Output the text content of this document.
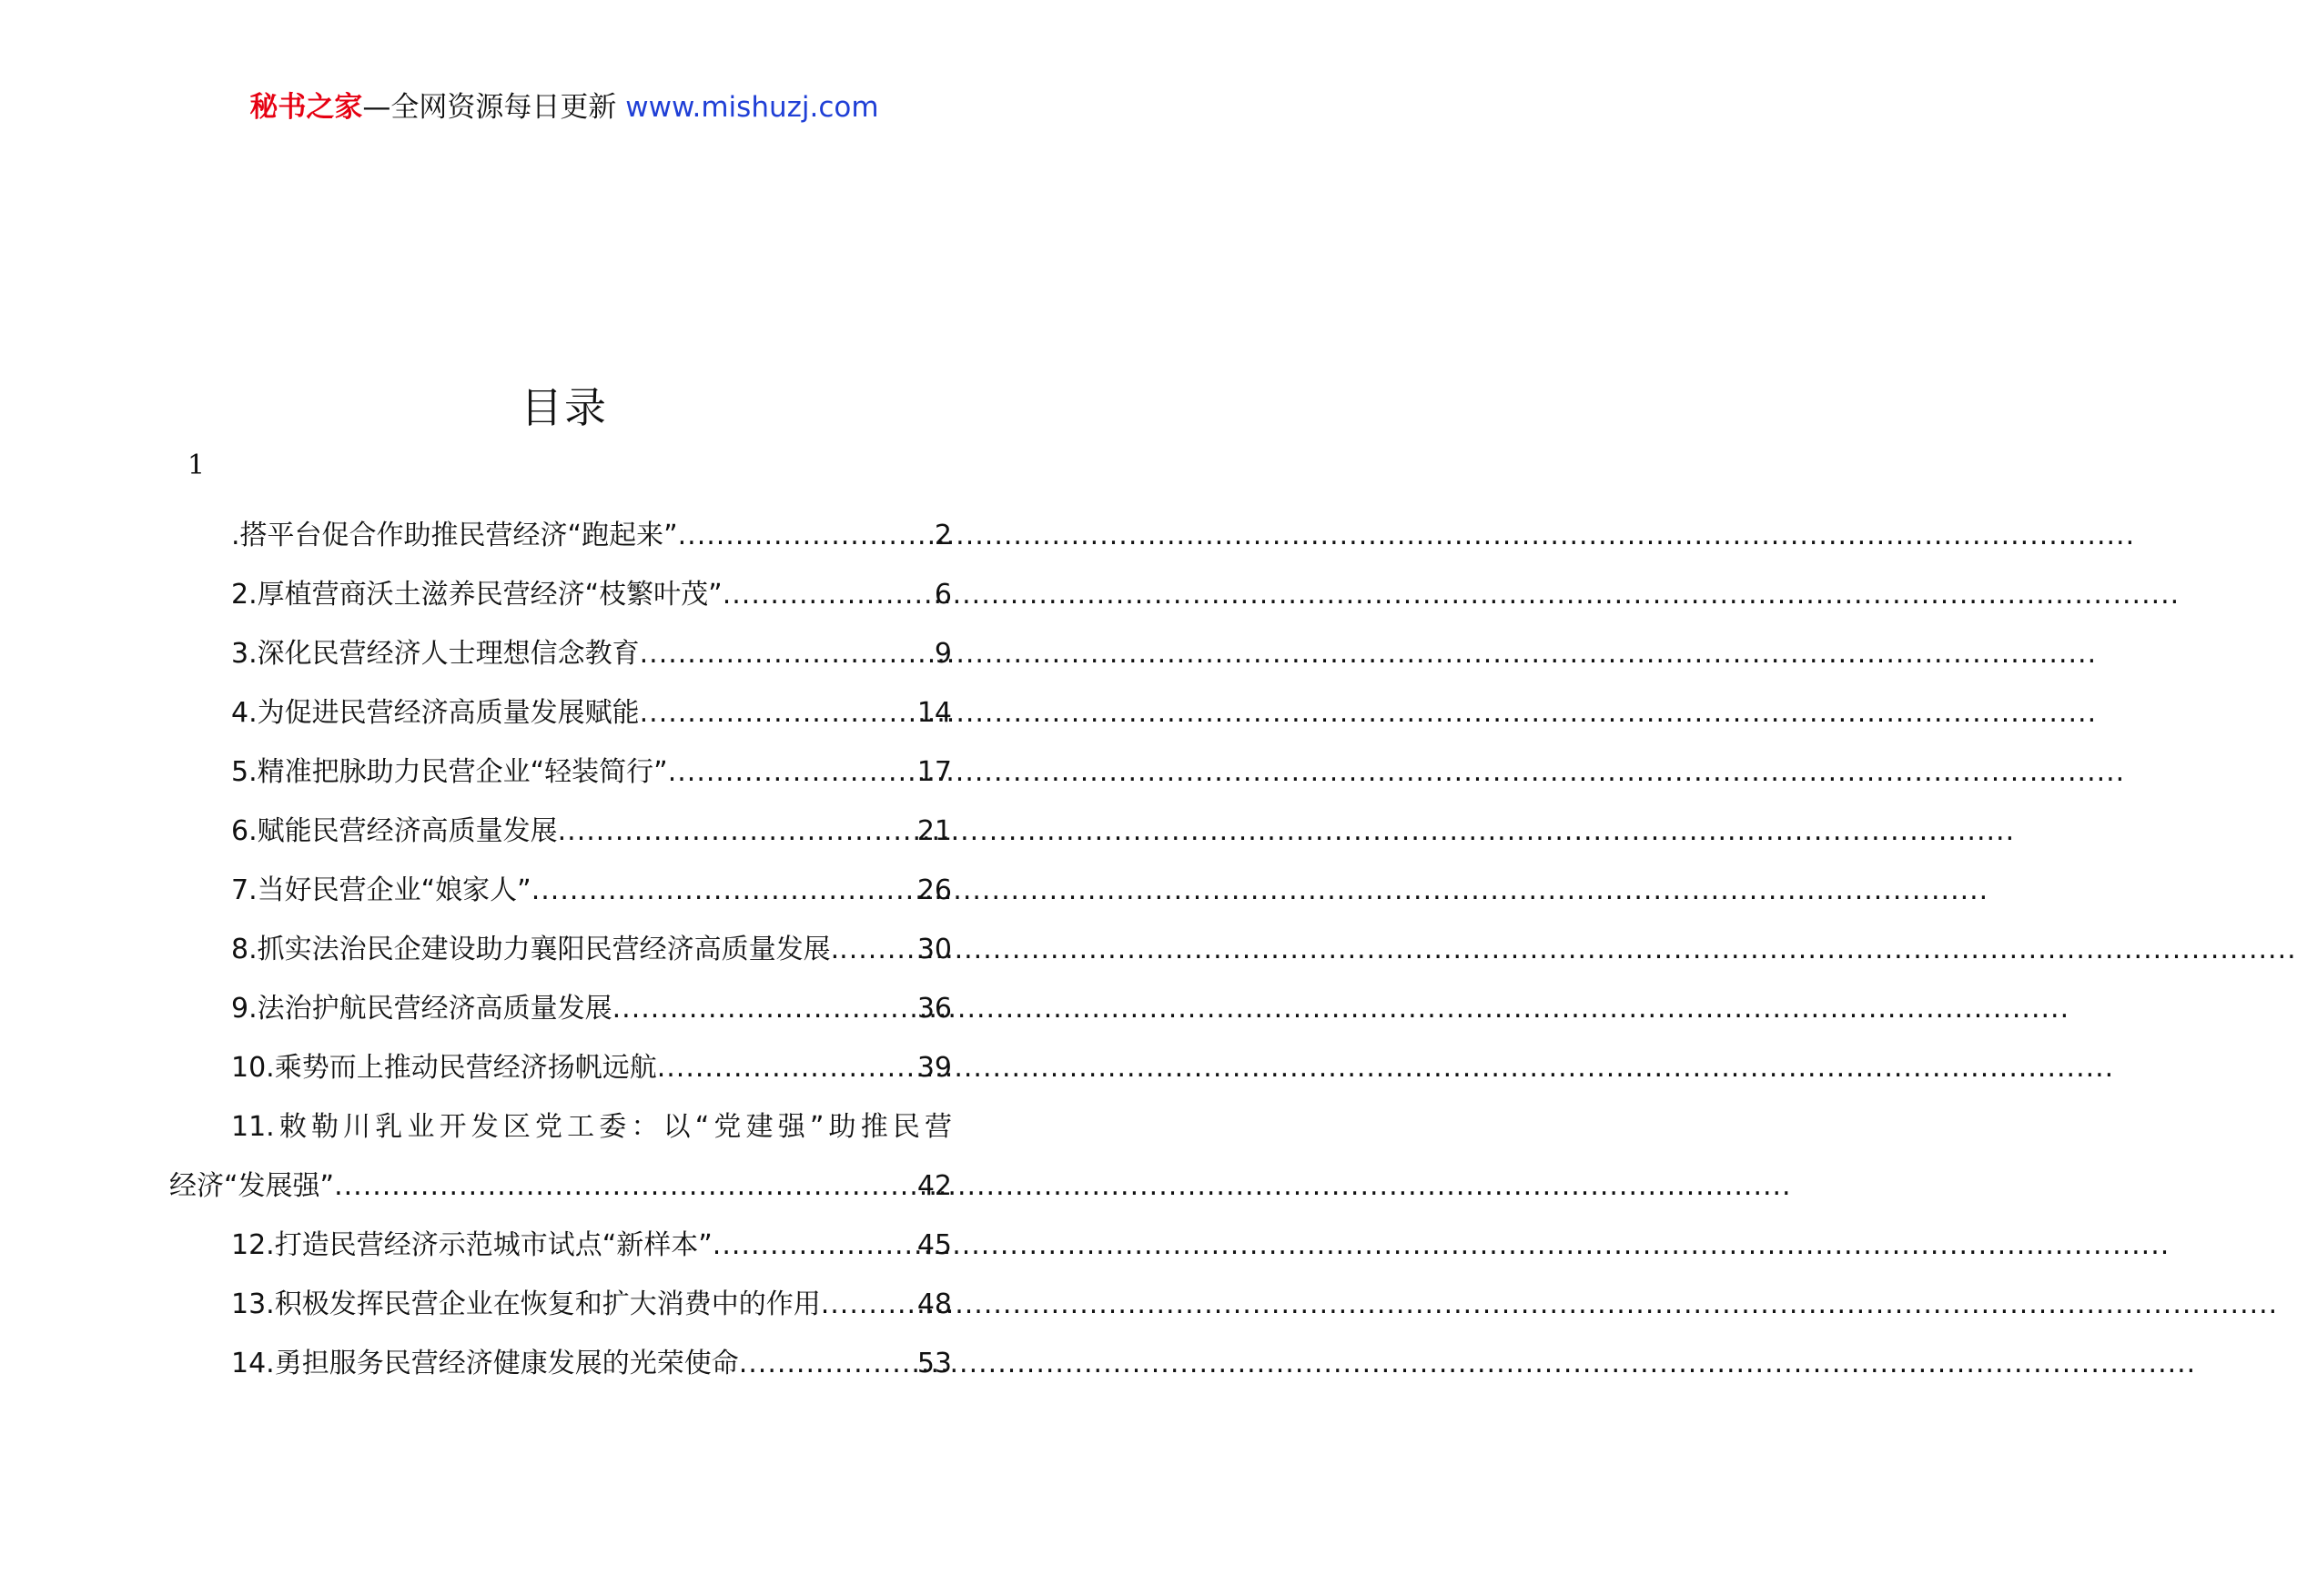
秘书之家—全网资源每日更新 www.mishuzj.com
目录
1
.搭平台促合作助推民营经济“跑起来” .....	2
2.厚植营商沃土滋养民营经济“枝繁叶茂” .....	6
3.深化民营经济人士理想信念教育 .....	9
4.为促进民营经济高质量发展赋能 .....	14
5.精准把脉助力民营企业“轻装简行” .....	17
6.赋能民营经济高质量发展 .....	21
7.当好民营企业“娘家人” .....	26
8.抓实法治民企建设助力襄阳民营经济高质量发展. .....	30
9.法治护航民营经济高质量发展 .....	36
10.乘势而上推动民营经济扬帆远航 .....	39
11.敕勒川乳业开发区党工委：以“党建强”助推民营
经济“发展强” .....	42
12.打造民营经济示范城市试点“新样本” .....	45
13.积极发挥民营企业在恢复和扩大消费中的作用 .....	48
14.勇担服务民营经济健康发展的光荣使命 .....	53
